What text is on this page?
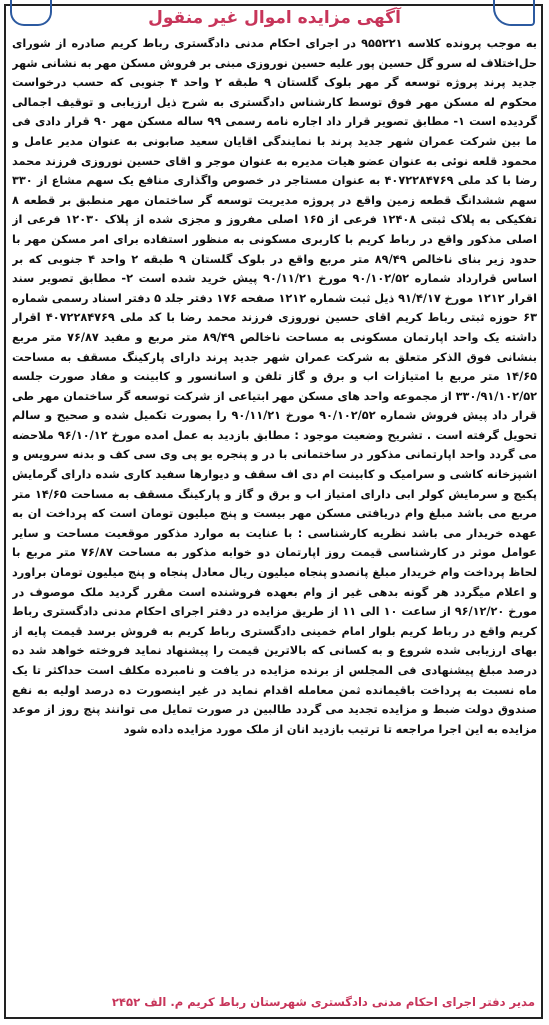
آگهی مزایده اموال غیر منقول
به موجب پرونده کلاسه ۹۵۵۲۲۱ در اجرای احکام مدنی دادگستری رباط کریم صادره از شورای حل‌اختلاف له سرو گل حسین پور علیه حسین نوروزی مبنی بر فروش مسکن مهر به نشانی شهر جدید پرند پروژه توسعه گر مهر بلوک گلستان ۹ طبقه ۲ واحد ۴ جنوبی که حسب درخواست محکوم له مسکن مهر فوق توسط کارشناس دادگستری به شرح ذیل ارزیابی و توقیف اجمالی گردیده است ۱- مطابق تصویر قرار داد اجاره نامه رسمی ۹۹ ساله مسکن مهر ۹۰ قرار دادی فی ما بین شرکت عمران شهر جدید پرند با نمایندگی اقایان سعید صابونی به عنوان مدیر عامل و محمود قلعه نوئی به عنوان عضو هیات مدیره به عنوان موجر و اقای حسین نوروزی فرزند محمد رضا با کد ملی ۴۰۷۲۲۸۴۷۶۹ به عنوان مستاجر در خصوص واگذاری منافع یک سهم مشاع از ۳۳۰ سهم ششدانگ قطعه زمین واقع در پروژه مدیریت توسعه گر ساختمان مهر منطبق بر قطعه ۸ تفکیکی به پلاک ثبتی ۱۲۴۰۸ فرعی از ۱۶۵ اصلی مفروز و مجزی شده از پلاک ۱۲۰۳۰ فرعی از اصلی مذکور واقع در رباط کریم با کاربری مسکونی به منظور استفاده برای امر مسکن مهر با حدود زیر بنای ناخالص ۸۹/۴۹ متر مربع واقع در بلوک گلستان ۹ طبقه ۲ واحد ۴ جنوبی که بر اساس قرارداد شماره ۹۰/۱۰۲/۵۲ مورخ ۹۰/۱۱/۲۱ پیش خرید شده است ۲- مطابق تصویر سند اقرار ۱۲۱۲ مورخ ۹۱/۴/۱۷ ذیل ثبت شماره ۱۲۱۲ صفحه ۱۷۶ دفتر جلد ۵ دفتر اسناد رسمی شماره ۶۳ حوزه ثبتی رباط کریم اقای حسین نوروزی فرزند محمد رضا با کد ملی ۴۰۷۲۲۸۴۷۶۹ اقرار داشته یک واحد اپارتمان مسکونی به مساحت ناخالص ۸۹/۴۹ متر مربع و مفید ۷۶/۸۷ متر مربع بنشانی فوق الذکر متعلق به شرکت عمران شهر جدید پرند دارای پارکینگ مسقف به مساحت ۱۴/۶۵ متر مربع با امتیازات اب و برق و گاز تلفن و اسانسور و کابینت و مفاد صورت جلسه ۳۳۰/۹۱/۱۰۲/۵۲ از مجموعه واحد های مسکن مهر ابتیاعی از شرکت توسعه گر ساختمان مهر طی قرار داد پیش فروش شماره ۹۰/۱۰۲/۵۲ مورخ ۹۰/۱۱/۲۱ را بصورت تکمیل شده و صحیح و سالم تحویل گرفته است . تشریح وضعیت موجود : مطابق بازدید به عمل امده مورخ ۹۶/۱۰/۱۲ ملاحضه می گردد واحد اپارتمانی مذکور در ساختمانی با در و پنجره یو پی وی سی کف و بدنه سرویس و اشپزخانه کاشی و سرامیک و کابینت ام دی اف سقف و دیوارها سفید کاری شده دارای گرمایش پکیج و سرمایش کولر ابی دارای امتیاز اب و برق و گاز و پارکینگ مسقف به مساحت ۱۴/۶۵ متر مربع می باشد مبلغ وام دریافتی مسکن مهر بیست و پنج میلیون تومان است که پرداخت ان به عهده خریدار می باشد نظریه کارشناسی : با عنایت به موارد مذکور موقعیت مساحت و سایر عوامل موثر در کارشناسی قیمت روز اپارتمان دو خوابه مذکور به مساحت ۷۶/۸۷ متر مربع با لحاظ پرداخت وام خریدار مبلغ پانصدو پنجاه میلیون ریال معادل پنجاه و پنج میلیون تومان براورد و اعلام میگردد هر گونه بدهی غیر از وام بعهده فروشنده است مقرر گردید ملک موصوف در مورخ ۹۶/۱۲/۲۰ از ساعت ۱۰ الی ۱۱ از طریق مزایده در دفتر اجرای احکام مدنی دادگستری رباط کریم واقع در رباط کریم بلوار امام خمینی دادگستری رباط کریم به فروش برسد قیمت پایه از بهای ارزیابی شده شروع و به کسانی که بالاترین قیمت را پیشنهاد نماید فروخته خواهد شد ده درصد مبلغ پیشنهادی فی المجلس از برنده مزایده در یافت و نامبرده مکلف است حداکثر تا یک ماه نسبت به پرداخت باقیمانده ثمن معامله اقدام نماید در غیر اینصورت ده درصد اولیه به نفع صندوق دولت ضبط و مزایده تجدید می گردد طالبین در صورت تمایل می توانند پنج روز از موعد مزایده به این اجرا مراجعه تا ترتیب بازدید انان از ملک مورد مزایده داده شود
مدیر دفتر اجرای احکام مدنی دادگستری شهرستان رباط کریم م. الف ۲۴۵۲
